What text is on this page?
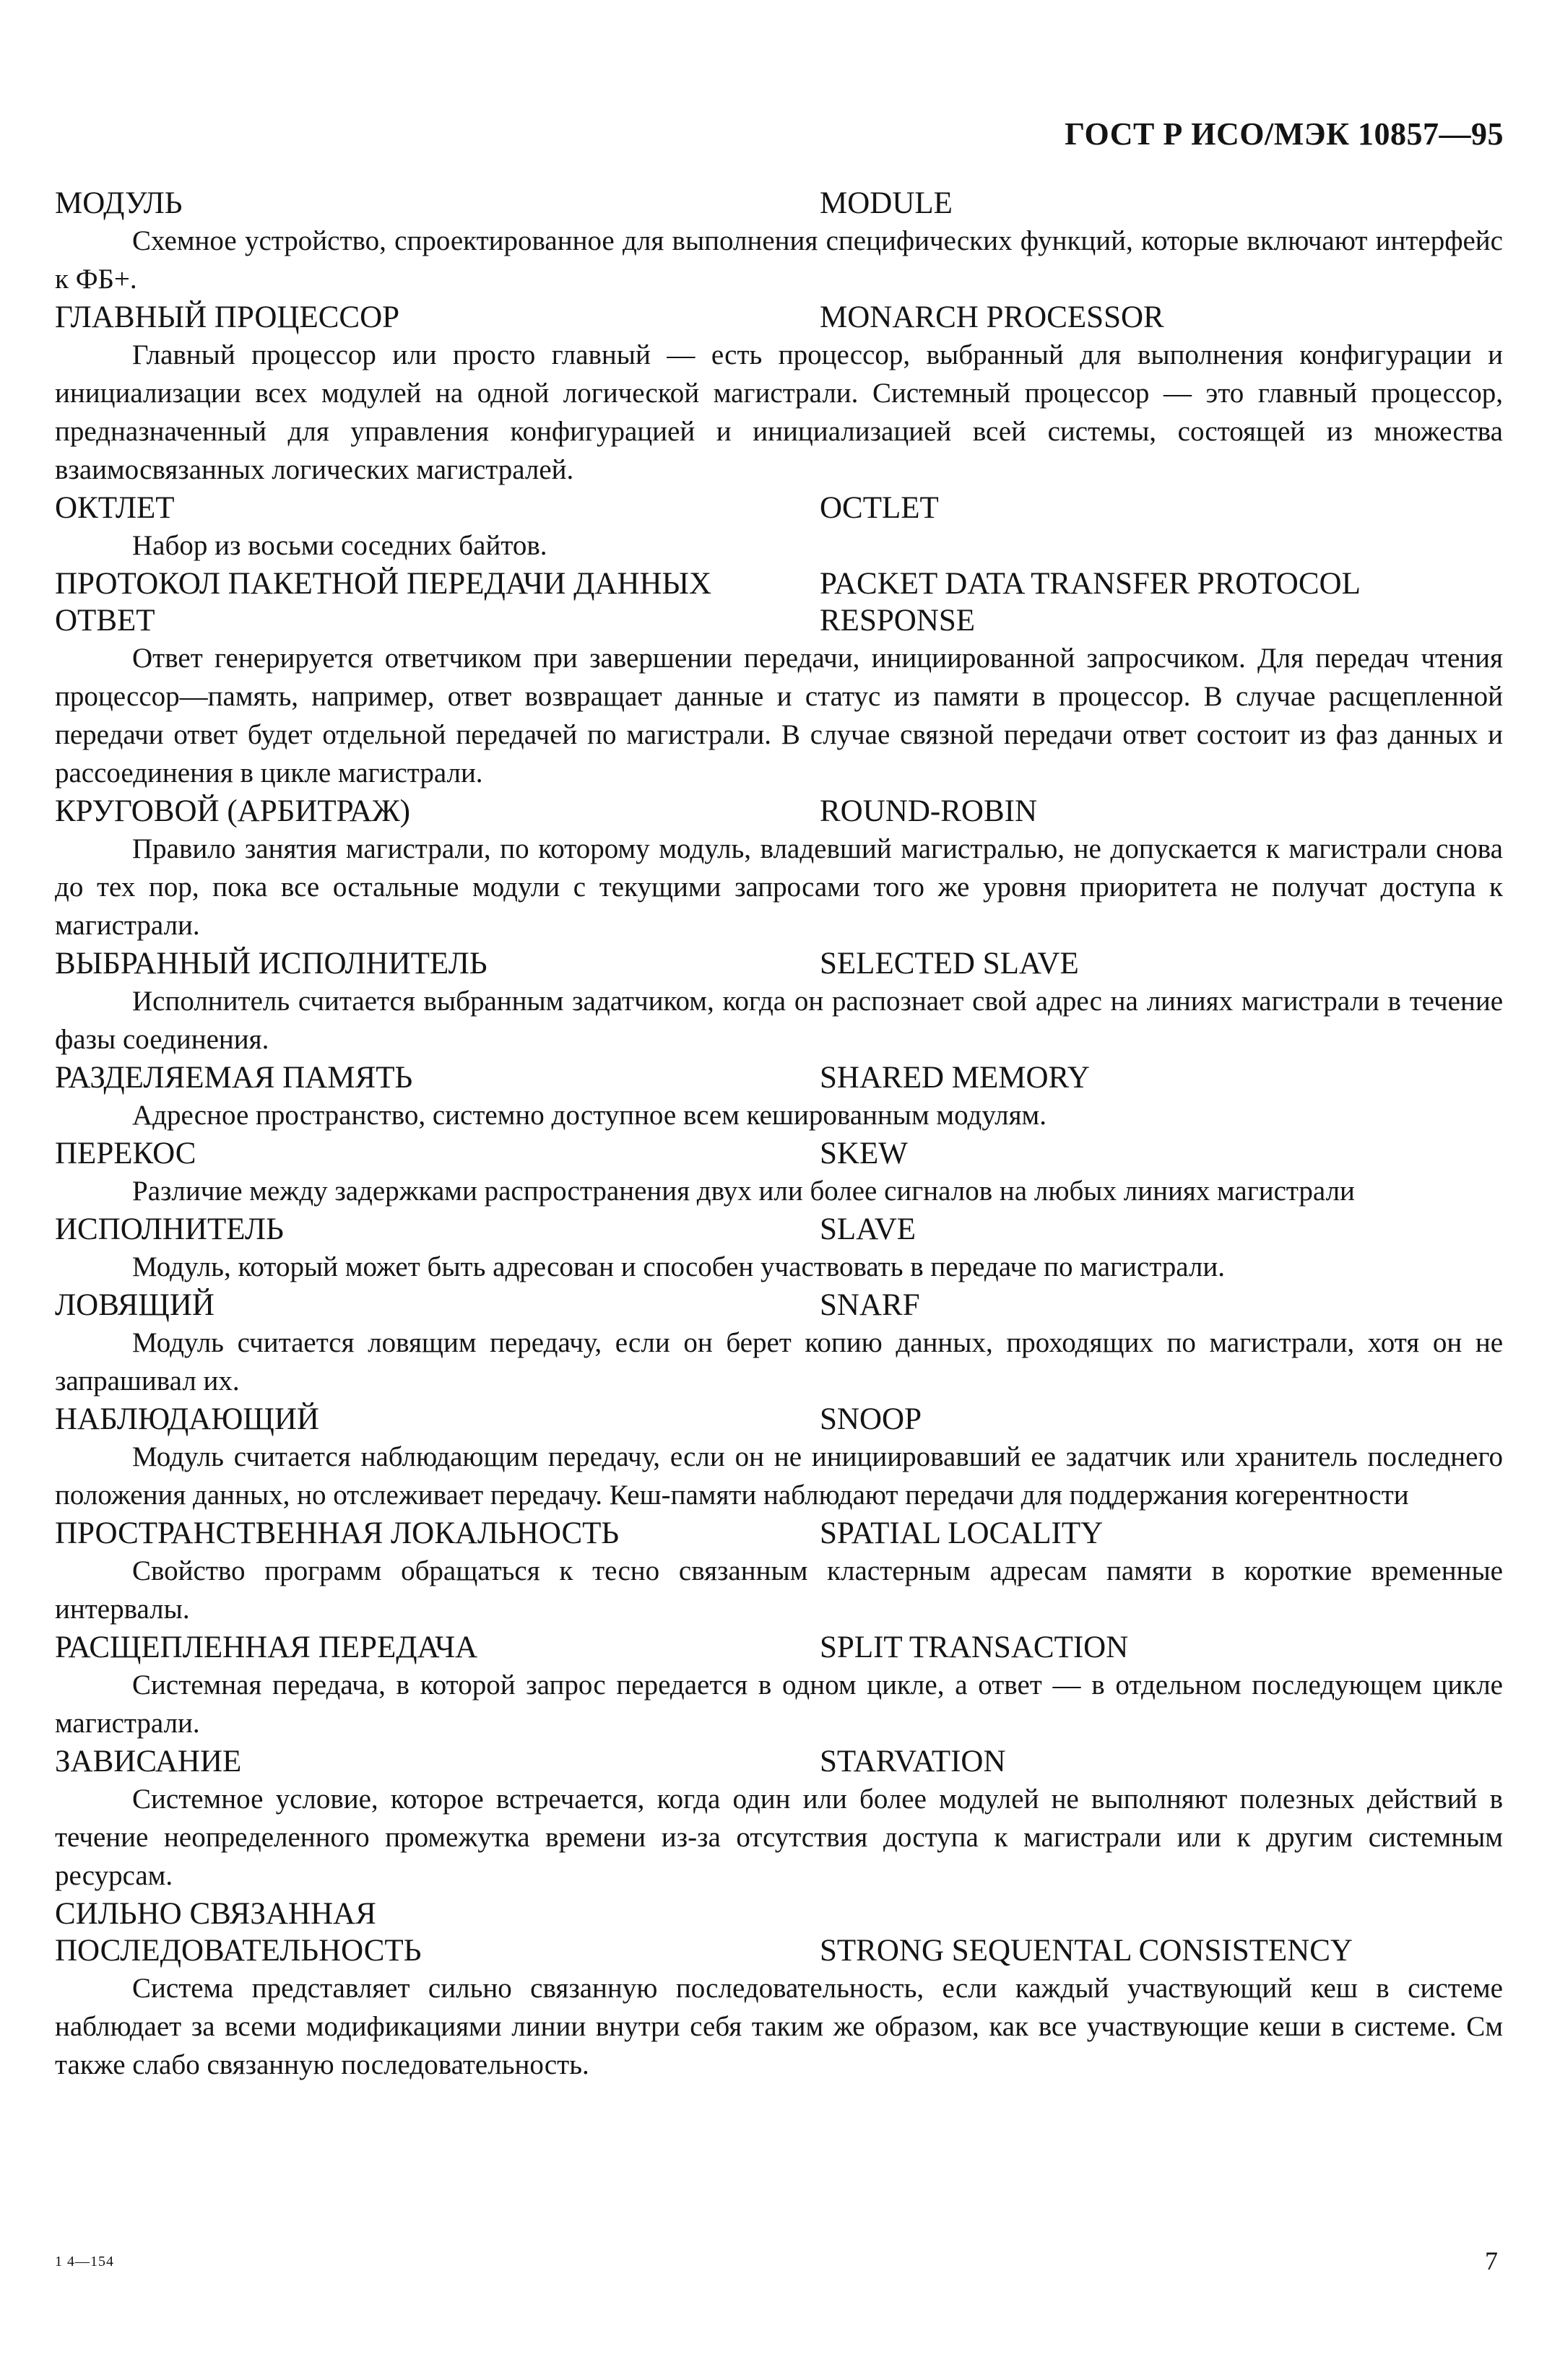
ГОСТ Р ИСО/МЭК 10857—95
МОДУЛЬ	MODULE

Схемное устройство, спроектированное для выполнения специфических функций, которые включают интерфейс к ФБ+.

ГЛАВНЫЙ ПРОЦЕССОР	MONARCH PROCESSOR

Главный процессор или просто главный — есть процессор, выбранный для выполнения конфигурации и инициализации всех модулей на одной логической магистрали. Системный процессор — это главный процессор, предназначенный для управления конфигурацией и инициализацией всей системы, состоящей из множества взаимосвязанных логических магистралей.

ОКТЛЕТ	OCTLET

Набор из восьми соседних байтов.

ПРОТОКОЛ ПАКЕТНОЙ ПЕРЕДАЧИ ДАННЫХ	PACKET DATA TRANSFER PROTOCOL
ОТВЕТ	RESPONSE

Ответ генерируется ответчиком при завершении передачи, инициированной запросчиком. Для передач чтения процессор—память, например, ответ возвращает данные и статус из памяти в процессор. В случае расщепленной передачи ответ будет отдельной передачей по магистрали. В случае связной передачи ответ состоит из фаз данных и рассоединения в цикле магистрали.

КРУГОВОЙ (АРБИТРАЖ)	ROUND-ROBIN

Правило занятия магистрали, по которому модуль, владевший магистралью, не допускается к магистрали снова до тех пор, пока все остальные модули с текущими запросами того же уровня приоритета не получат доступа к магистрали.

ВЫБРАННЫЙ ИСПОЛНИТЕЛЬ	SELECTED SLAVE

Исполнитель считается выбранным задатчиком, когда он распознает свой адрес на линиях магистрали в течение фазы соединения.

РАЗДЕЛЯЕМАЯ ПАМЯТЬ	SHARED MEMORY

Адресное пространство, системно доступное всем кешированным модулям.

ПЕРЕКОС	SKEW

Различие между задержками распространения двух или более сигналов на любых линиях магистрали

ИСПОЛНИТЕЛЬ	SLAVE

Модуль, который может быть адресован и способен участвовать в передаче по магистрали.

ЛОВЯЩИЙ	SNARF

Модуль считается ловящим передачу, если он берет копию данных, проходящих по магистрали, хотя он не запрашивал их.

НАБЛЮДАЮЩИЙ	SNOOP

Модуль считается наблюдающим передачу, если он не инициировавший ее задатчик или хранитель последнего положения данных, но отслеживает передачу. Кеш-памяти наблюдают передачи для поддержания когерентности

ПРОСТРАНСТВЕННАЯ ЛОКАЛЬНОСТЬ	SPATIAL LOCALITY

Свойство программ обращаться к тесно связанным кластерным адресам памяти в короткие временные интервалы.

РАСЩЕПЛЕННАЯ ПЕРЕДАЧА	SPLIT TRANSACTION

Системная передача, в которой запрос передается в одном цикле, а ответ — в отдельном последующем цикле магистрали.

ЗАВИСАНИЕ	STARVATION

Системное условие, которое встречается, когда один или более модулей не выполняют полезных действий в течение неопределенного промежутка времени из-за отсутствия доступа к магистрали или к другим системным ресурсам.

СИЛЬНО СВЯЗАННАЯ
ПОСЛЕДОВАТЕЛЬНОСТЬ	STRONG SEQUENTAL CONSISTENCY

Система представляет сильно связанную последовательность, если каждый участвующий кеш в системе наблюдает за всеми модификациями линии внутри себя таким же образом, как все участвующие кеши в системе. См также слабо связанную последовательность.

1 4—154	7
